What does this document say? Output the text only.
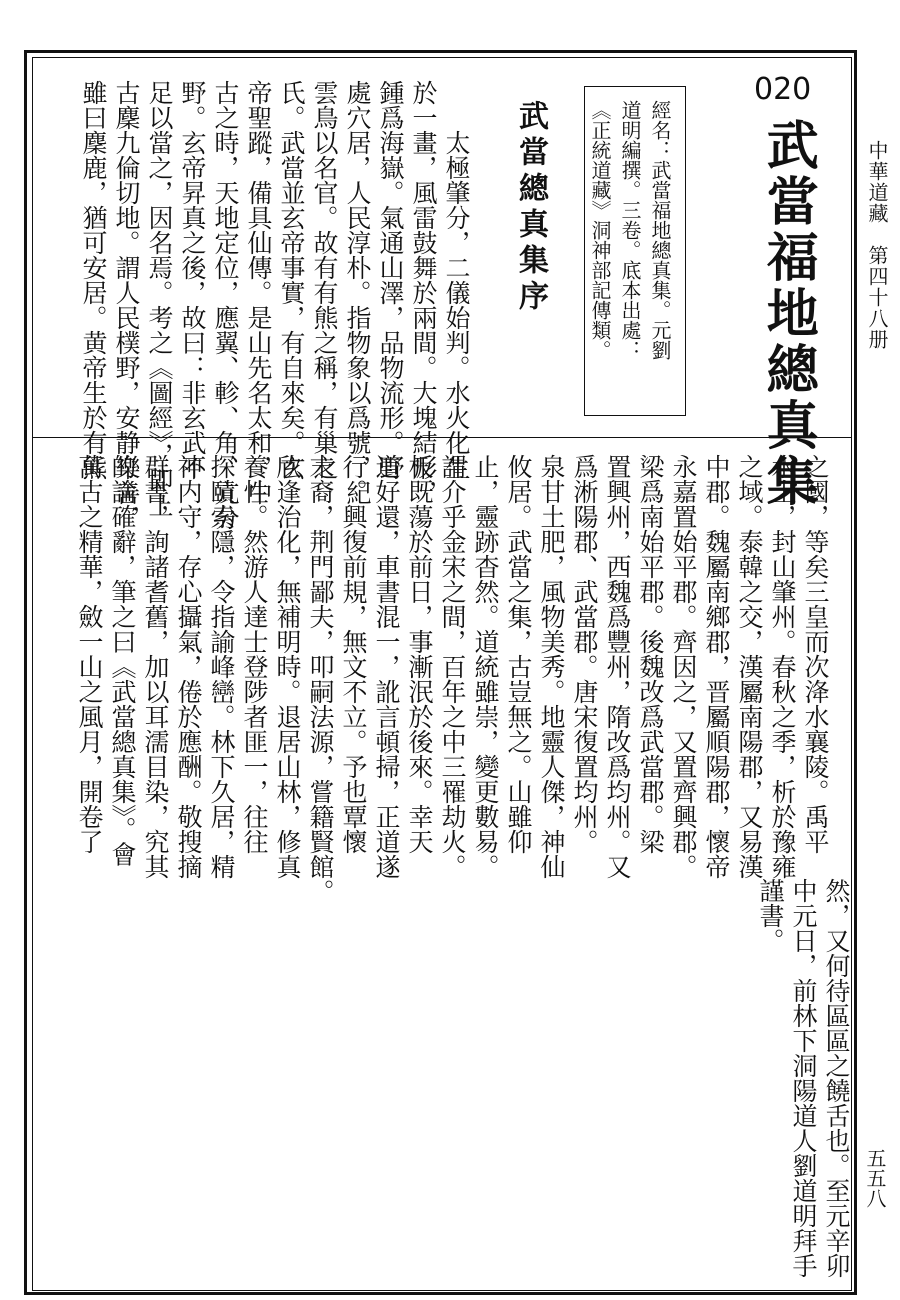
中華道藏　第四十八册
五五八
020
武當福地總真集
經名：武當福地總真集。元劉
道明編撰。三卷。底本出處：
《正統道藏》洞神部記傳類。
武當總真集序
太極肇分，二儀始判。水火化生
於一畫，風雷鼓舞於兩間。大塊結形，
鍾爲海嶽。氣通山澤，品物流形。野
處穴居，人民淳朴。指物象以爲號，紀
雲鳥以名官。故有有熊之稱，有巢之
氏。武當並玄帝事實，有自來矣。玄
帝聖蹤，備具仙傳。是山先名太和，中
古之時，天地定位，應翼、軫、角、亢分
野。玄帝昇真之後，故曰：非玄武不
足以當之，因名焉。考之《圖經》，即上
古麇九倫切地。謂人民樸野，安静樂善，
雖曰麇鹿，猶可安居。黄帝生於有熊
之國，等矣三皇而次洚水襄陵。禹平
水土，封山肇州。春秋之季，析於豫雍
之域。泰韓之交，漢屬南陽郡，又易漢
中郡。魏屬南鄉郡，晋屬順陽郡，懷帝
永嘉置始平郡。齊因之，又置齊興郡。
梁爲南始平郡。後魏改爲武當郡。梁
置興州，西魏爲豐州，隋改爲均州。又
爲淅陽郡、武當郡。唐宋復置均州。
泉甘土肥，風物美秀。地靈人傑，神仙
攸居。武當之集，古豈無之。山雖仰
止，靈跡杳然。道統雖崇，變更數易。
謂介乎金宋之間，百年之中三罹劫火。
板既蕩於前日，事漸泯於後來。幸天
道好還，車書混一，訛言頓掃，正道遂
行。興復前規，無文不立。予也覃懷
末裔，荆門鄙夫，叩嗣法源，嘗籍賢館。
欣逢治化，無補明時。退居山林，修真
養性。然游人達士登陟者匪一，往往
探賾索隱，令指諭峰巒。林下久居，精
神内守，存心攝氣，倦於應酬。敬搜摘
群書，詢諸耆舊，加以耳濡目染，究其
的論確辭，筆之曰《武當總真集》。會
萬古之精華，斂一山之風月，開卷了
然，又何待區區之饒舌也。至元辛卯
中元日，前林下洞陽道人劉道明拜手
謹書。
